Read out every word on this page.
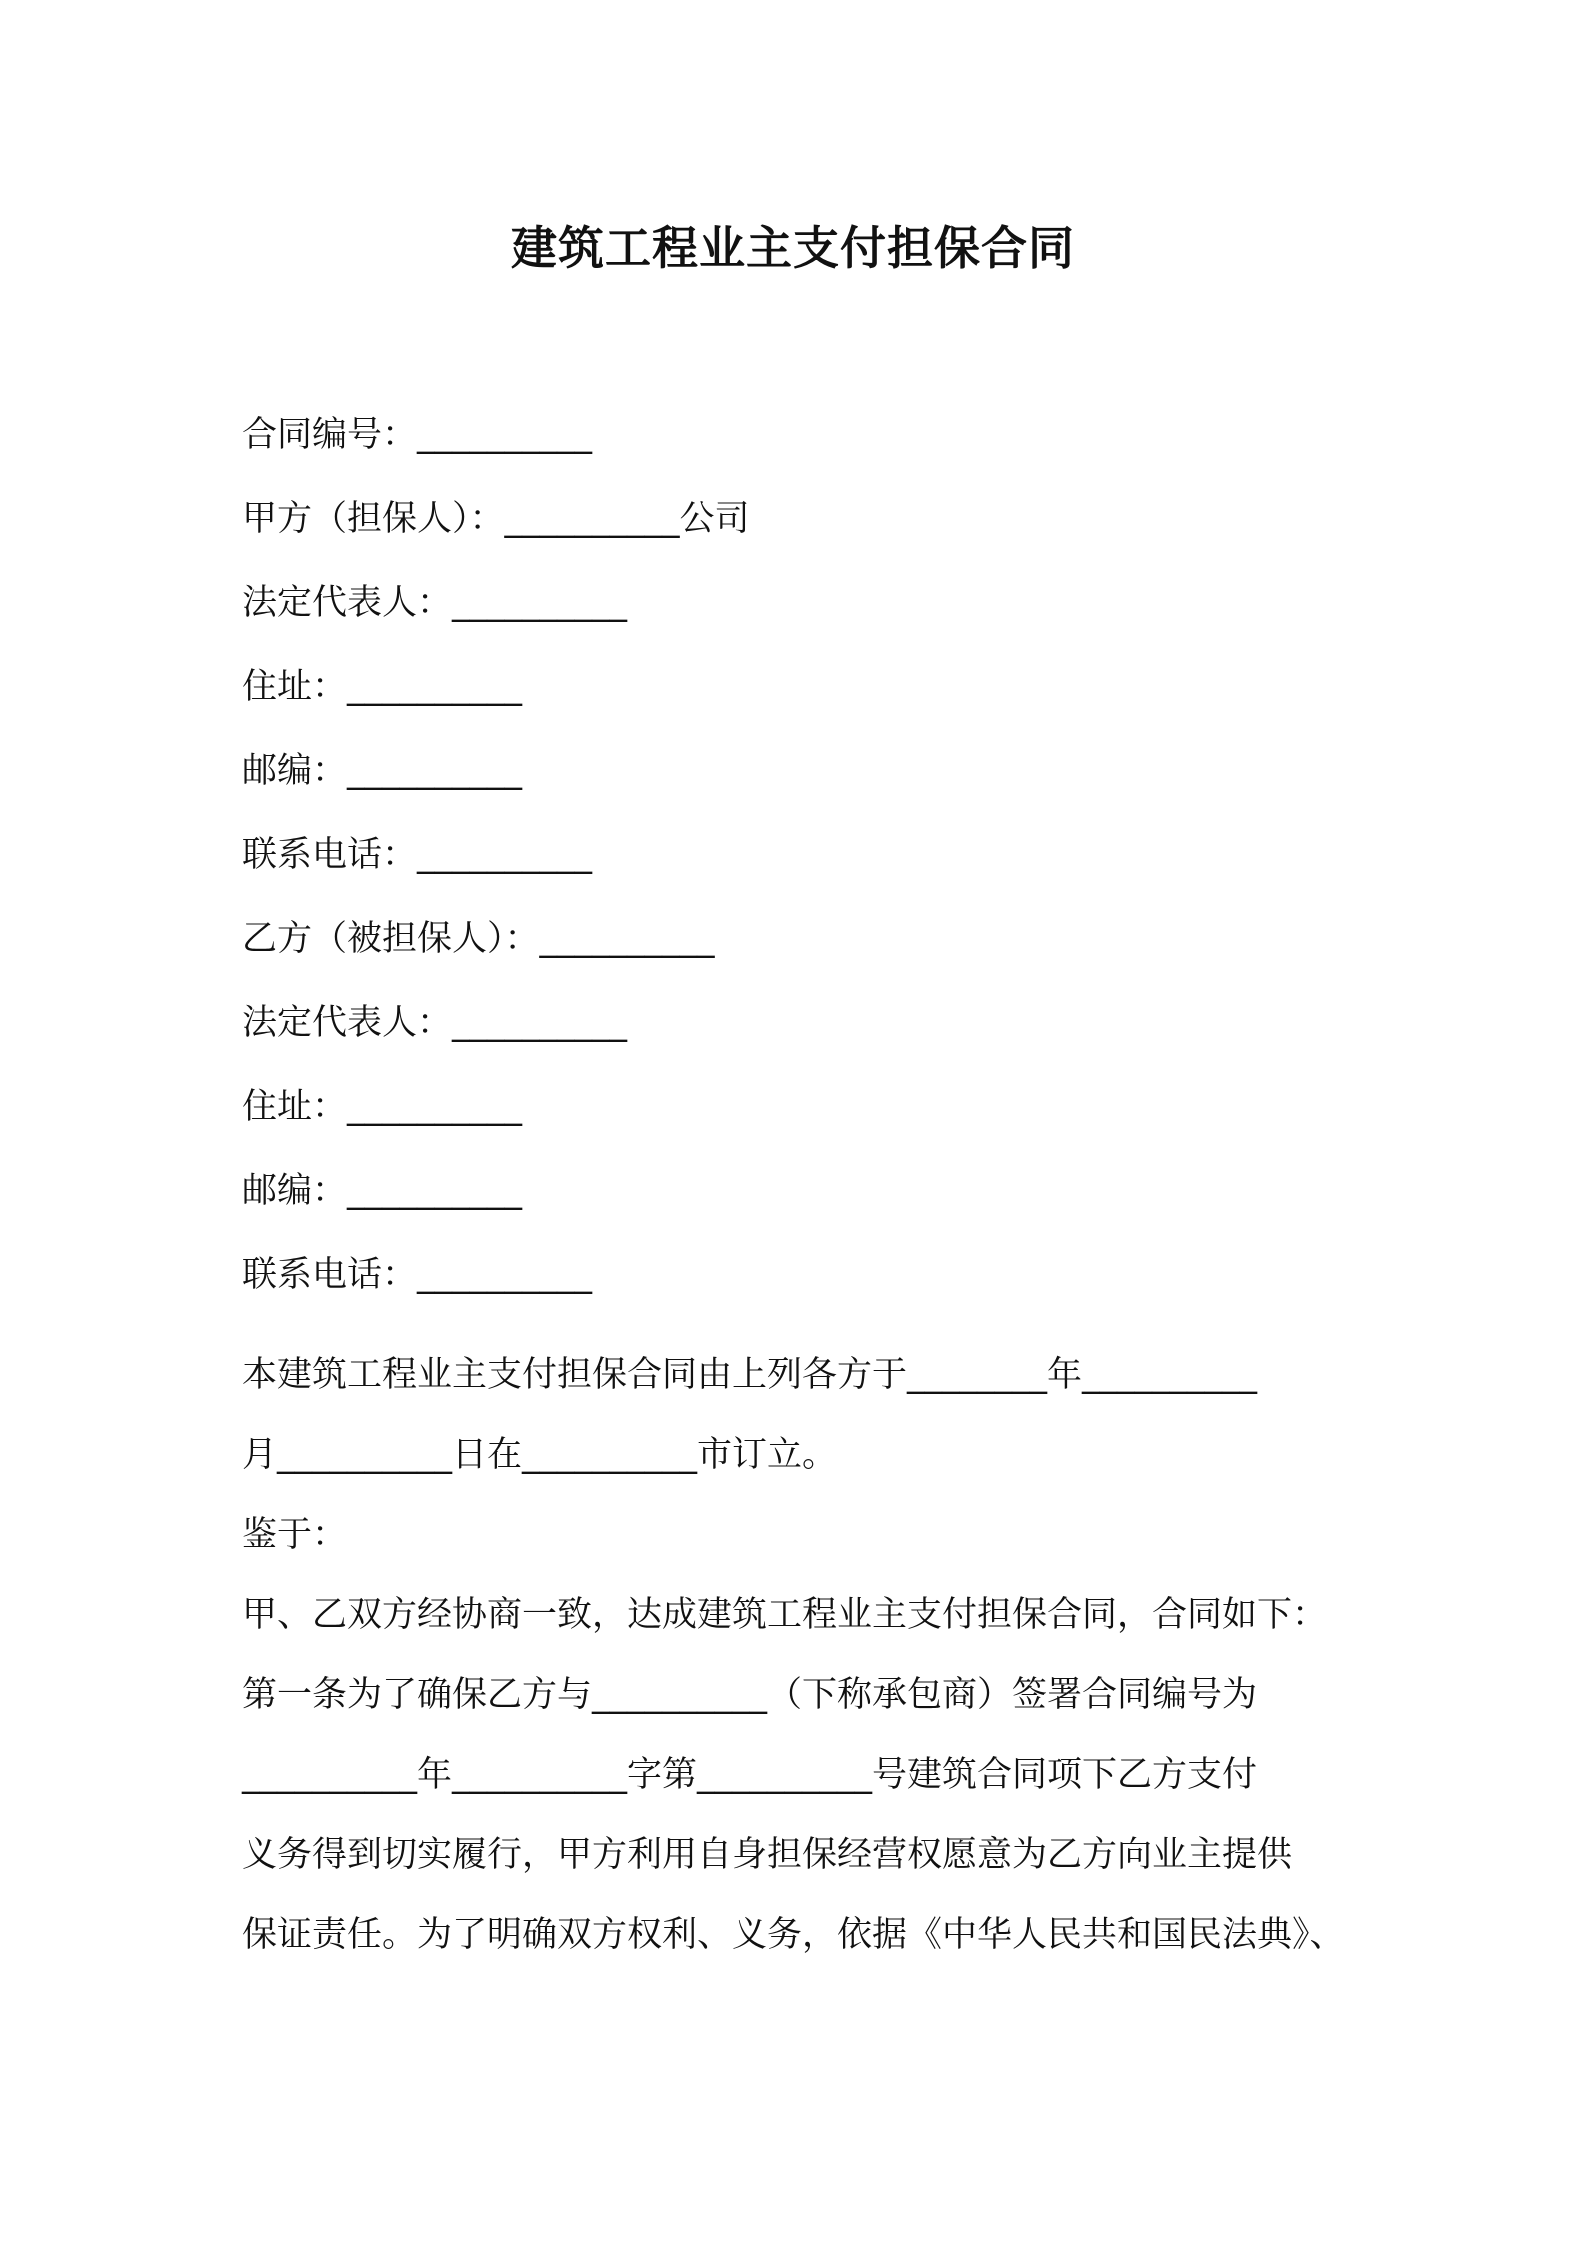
建筑工程业主支付担保合同
合同编号：__________
甲方（担保人）：__________公司
法定代表人：__________
住址：__________
邮编：__________
联系电话：__________
乙方（被担保人）：__________
法定代表人：__________
住址：__________
邮编：__________
联系电话：__________
本建筑工程业主支付担保合同由上列各方于________年__________
月__________日在__________市订立。
鉴于：
甲、乙双方经协商一致，达成建筑工程业主支付担保合同，合同如下：
第一条为了确保乙方与__________（下称承包商）签署合同编号为
__________年__________字第__________号建筑合同项下乙方支付
义务得到切实履行，甲方利用自身担保经营权愿意为乙方向业主提供
保证责任。为了明确双方权利、义务，依据《中华人民共和国民法典》、
